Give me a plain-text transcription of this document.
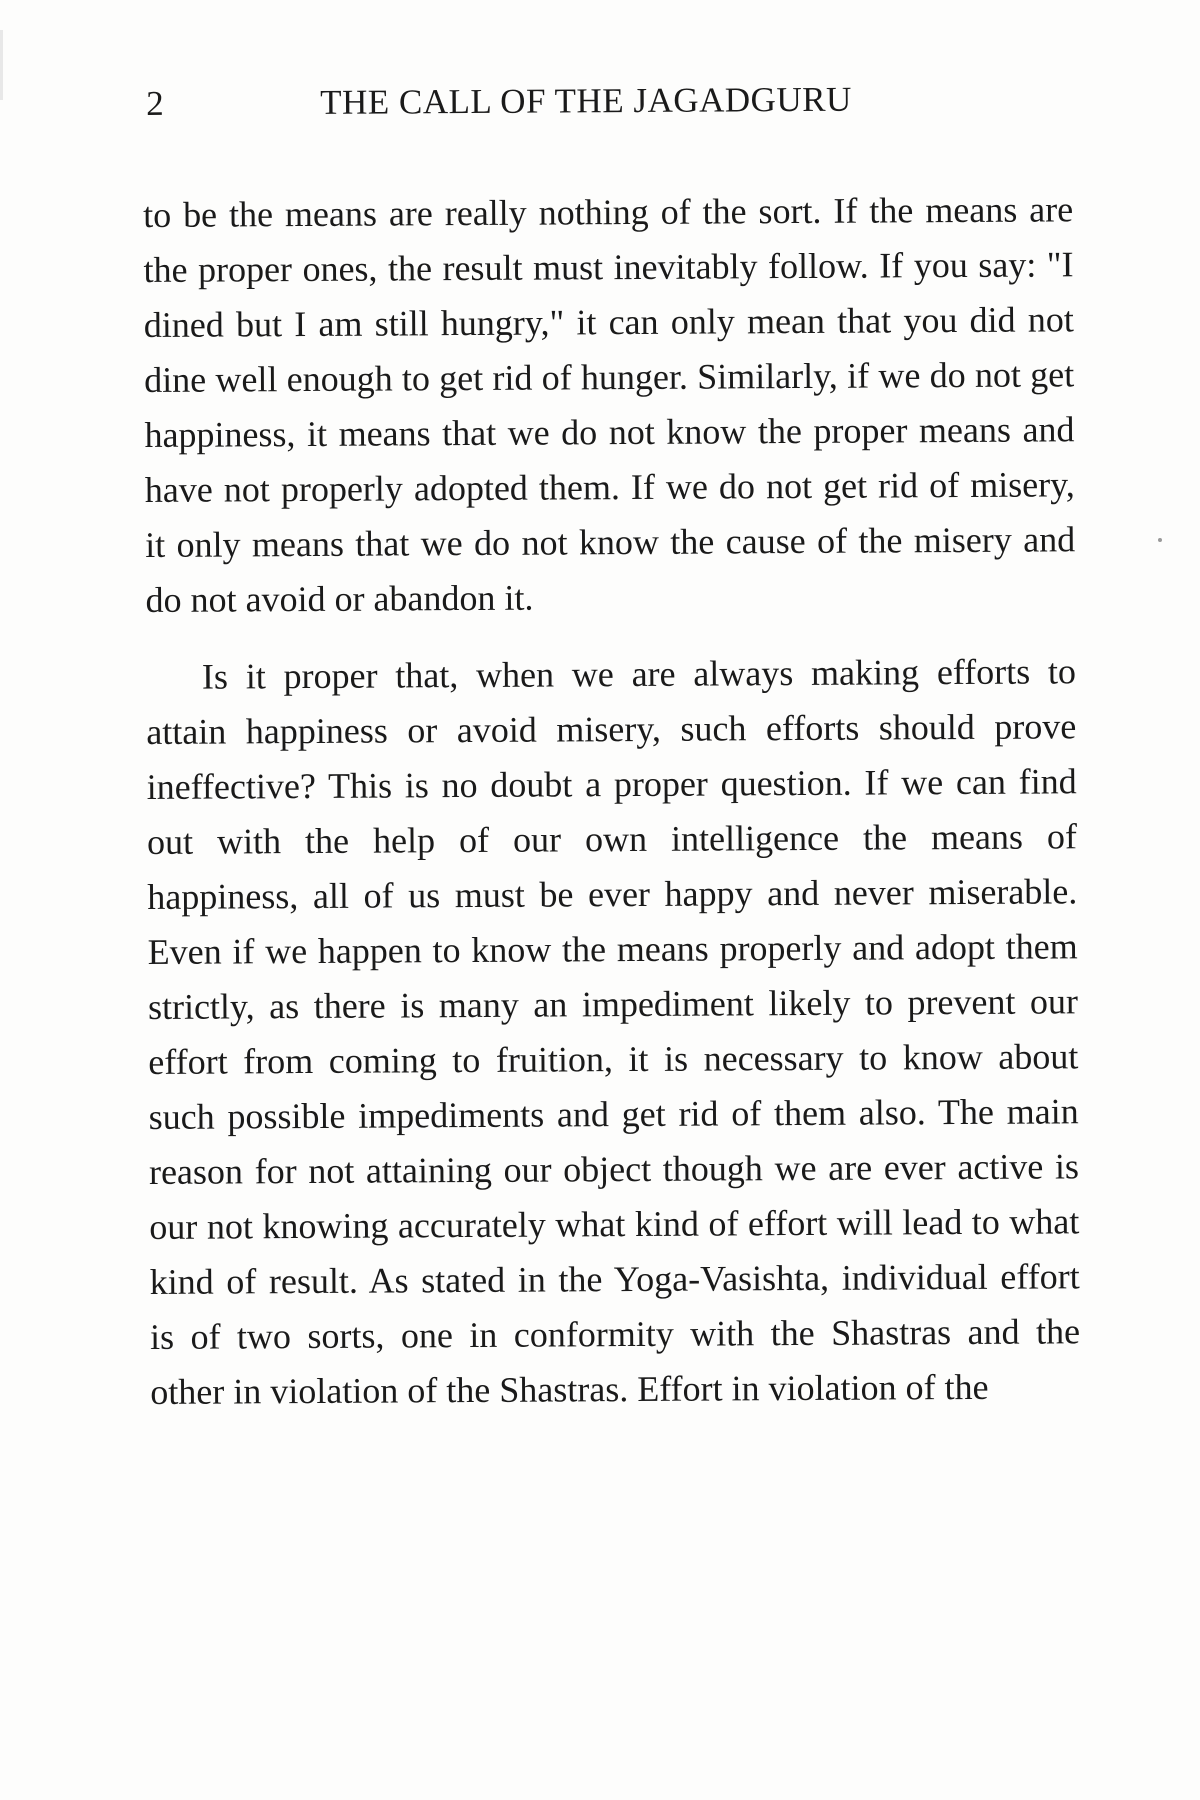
2	THE CALL OF THE JAGADGURU

to be the means are really nothing of the sort. If the means are the proper ones, the result must inevitably follow. If you say: "I dined but I am still hungry," it can only mean that you did not dine well enough to get rid of hunger. Similarly, if we do not get happiness, it means that we do not know the proper means and have not properly adopted them. If we do not get rid of misery, it only means that we do not know the cause of the misery and do not avoid or abandon it.

Is it proper that, when we are always making efforts to attain happiness or avoid misery, such efforts should prove ineffective? This is no doubt a proper question. If we can find out with the help of our own intelligence the means of happiness, all of us must be ever happy and never miserable. Even if we happen to know the means properly and adopt them strictly, as there is many an impediment likely to prevent our effort from coming to fruition, it is necessary to know about such possible impediments and get rid of them also. The main reason for not attaining our object though we are ever active is our not knowing accurately what kind of effort will lead to what kind of result. As stated in the Yoga-Vasishta, individual effort is of two sorts, one in conformity with the Shastras and the other in violation of the Shastras. Effort in violation of the
